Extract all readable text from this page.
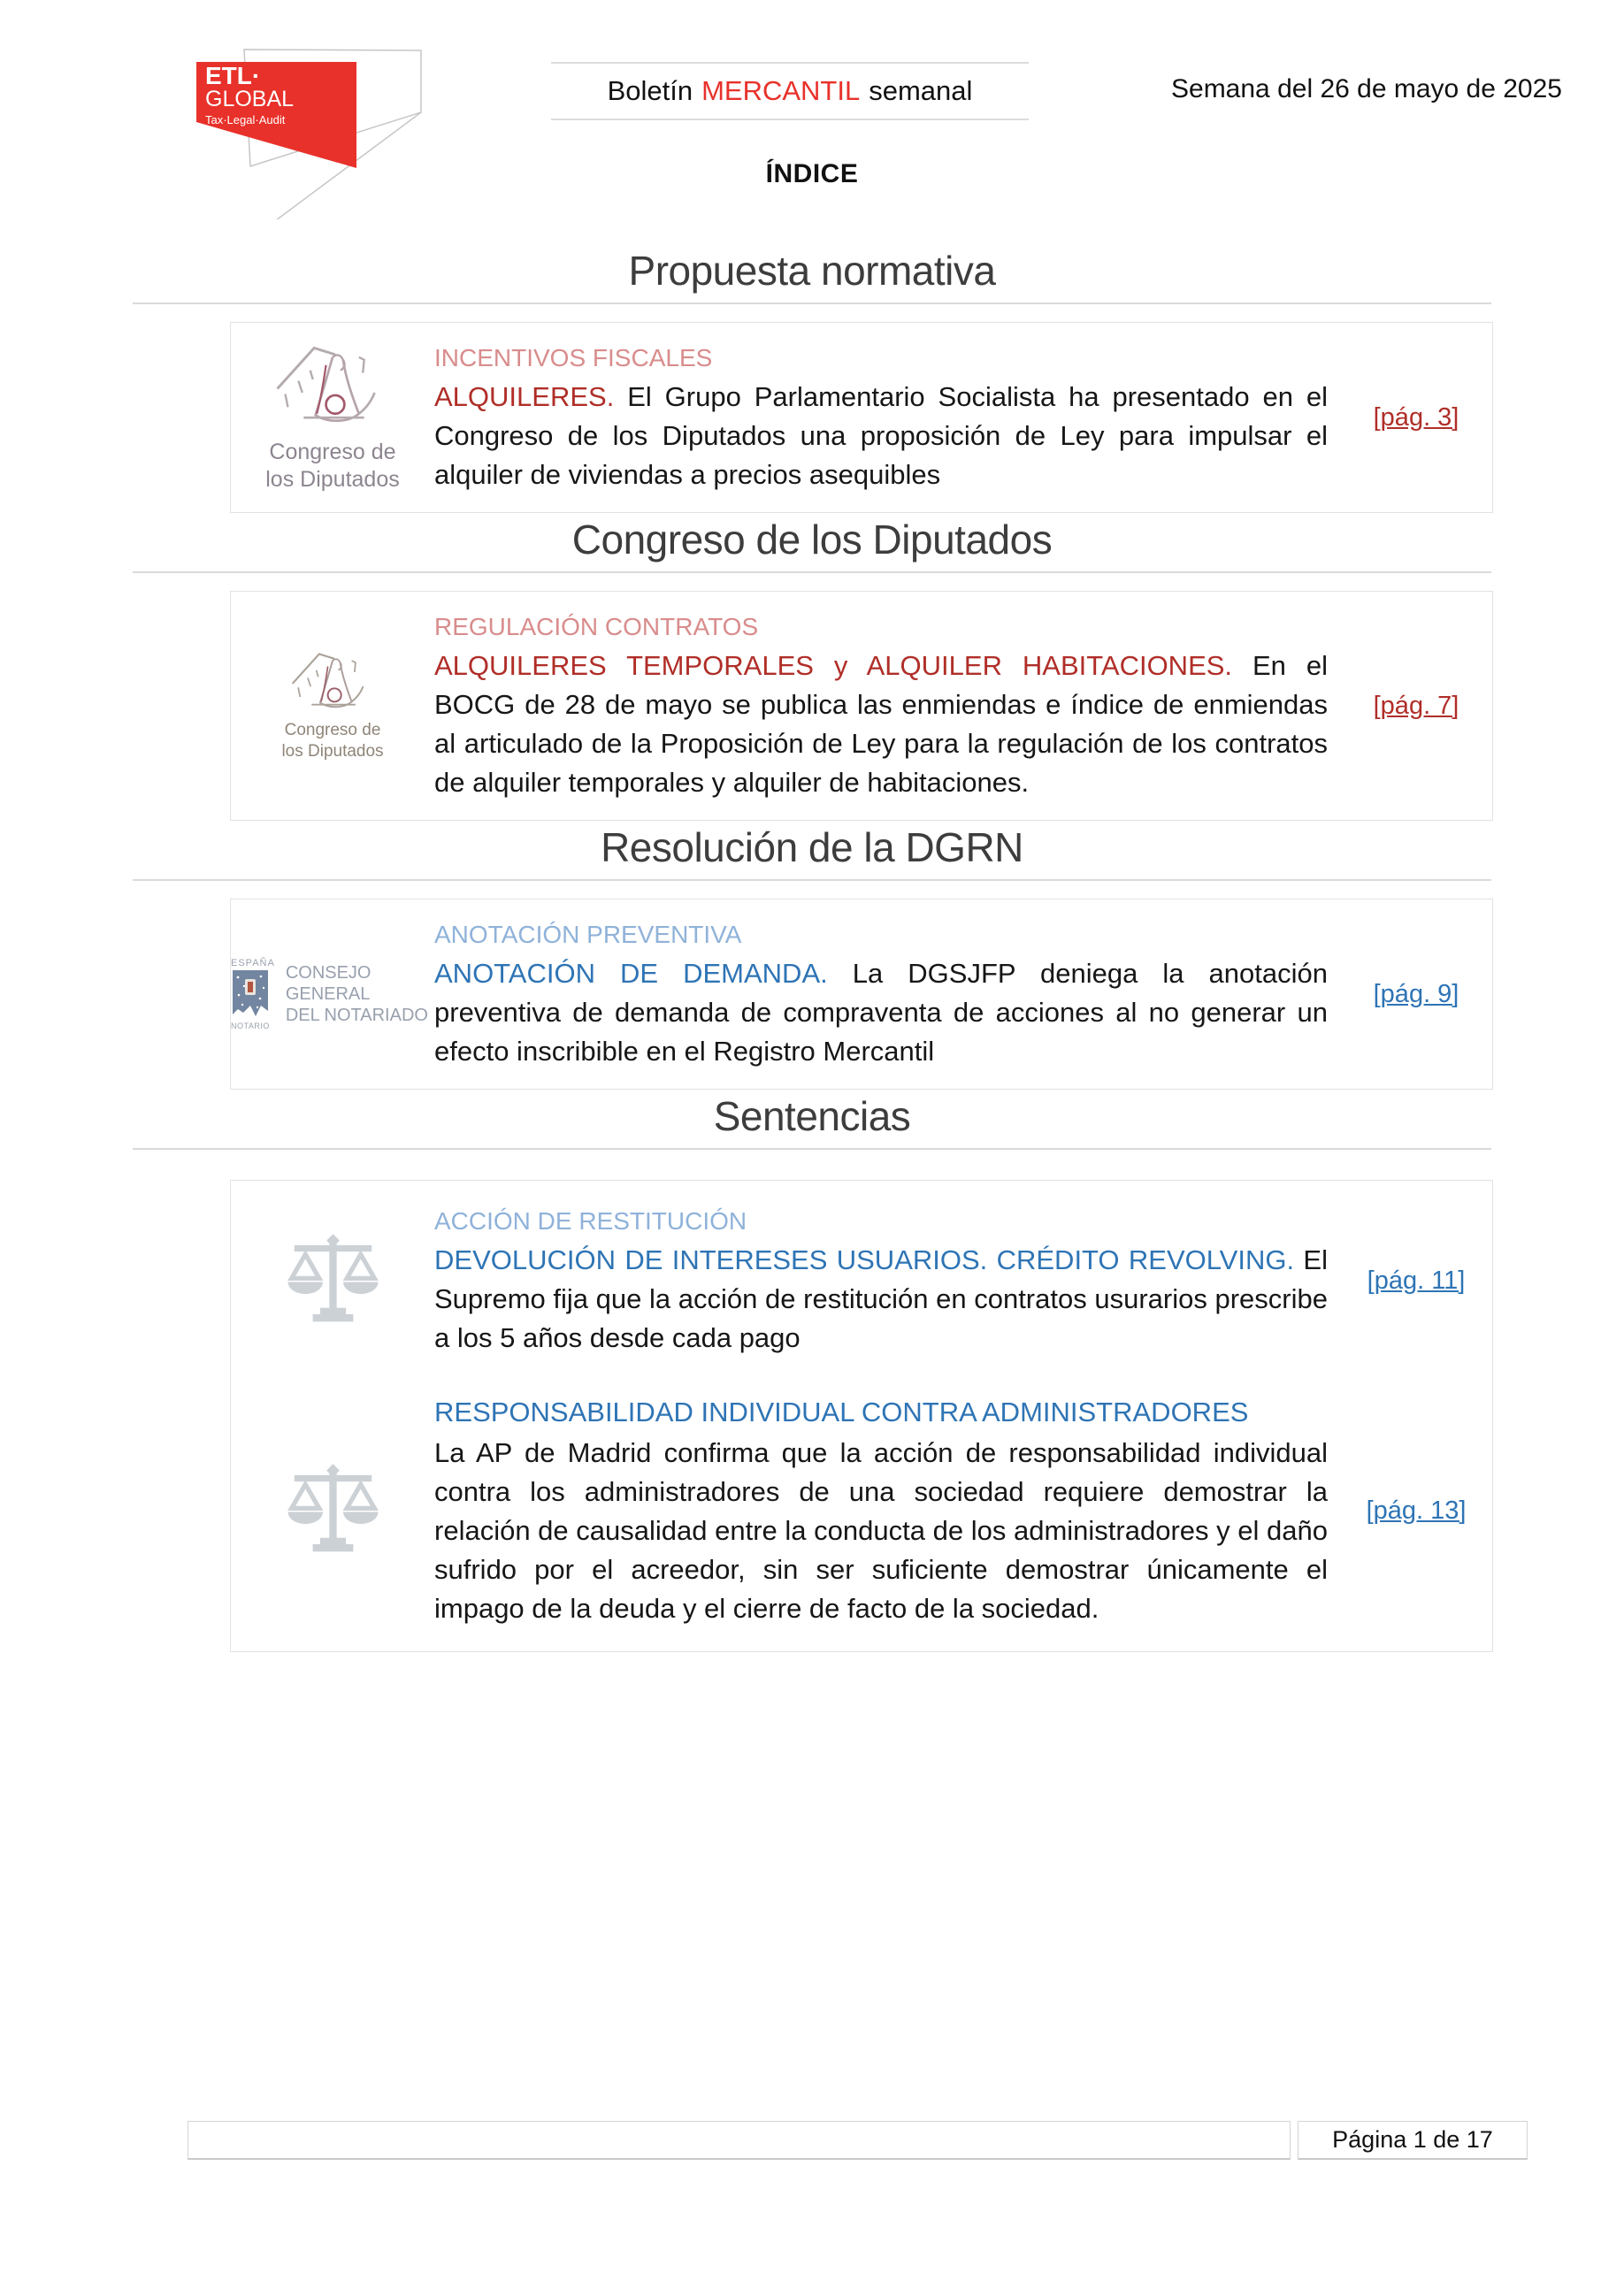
ETL·
GLOBAL
Tax·Legal·Audit
Boletín MERCANTIL semanal	Semana del 26 de mayo de 2025
ÍNDICE
Propuesta normativa
Congreso de
los Diputados
INCENTIVOS FISCALES

ALQUILERES. El Grupo Parlamentario Socialista ha presentado en el Congreso de los Diputados una proposición de Ley para impulsar el alquiler de viviendas a precios asequibles

[pág. 3]
Congreso de los Diputados
Congreso de
los Diputados
REGULACIÓN CONTRATOS

ALQUILERES TEMPORALES y ALQUILER HABITACIONES. En el BOCG de 28 de mayo se publica las enmiendas e índice de enmiendas al articulado de la Proposición de Ley para la regulación de los contratos de alquiler temporales y alquiler de habitaciones.

[pág. 7]
Resolución de la DGRN
ESPAÑA
NOTARIO
CONSEJO GENERAL
DEL NOTARIADO
ANOTACIÓN PREVENTIVA

ANOTACIÓN DE DEMANDA. La DGSJFP deniega la anotación preventiva de demanda de compraventa de acciones al no generar un efecto inscribible en el Registro Mercantil

[pág. 9]
Sentencias
ACCIÓN DE RESTITUCIÓN

DEVOLUCIÓN DE INTERESES USUARIOS. CRÉDITO REVOLVING. El Supremo fija que la acción de restitución en contratos usurarios prescribe a los 5 años desde cada pago

[pág. 11]
RESPONSABILIDAD INDIVIDUAL CONTRA ADMINISTRADORES

La AP de Madrid confirma que la acción de responsabilidad individual contra los administradores de una sociedad requiere demostrar la relación de causalidad entre la conducta de los administradores y el daño sufrido por el acreedor, sin ser suficiente demostrar únicamente el impago de la deuda y el cierre de facto de la sociedad.

[pág. 13]
Página 1 de 17
